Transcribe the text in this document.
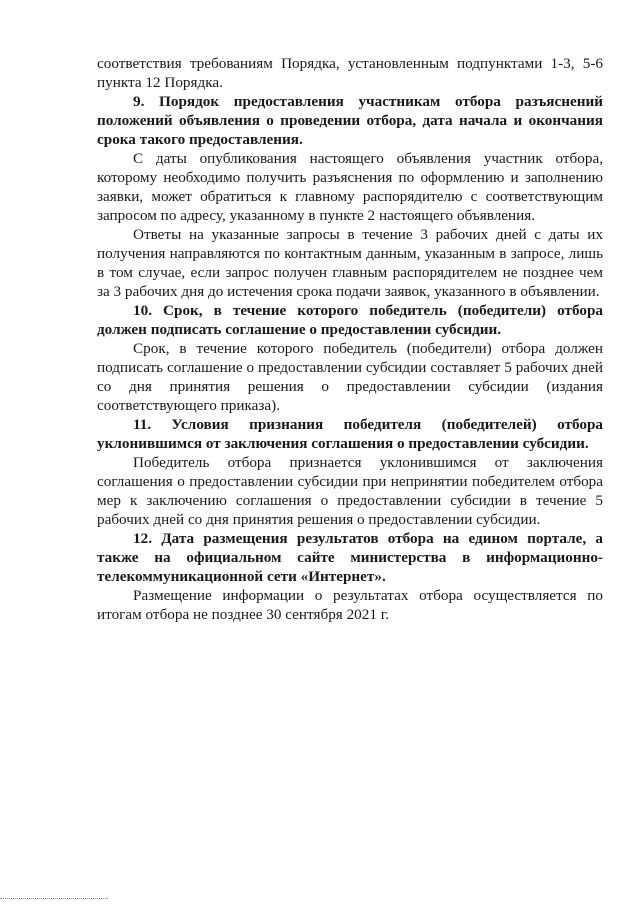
соответствия требованиям Порядка, установленным подпунктами 1-3, 5-6 пункта 12 Порядка.

9. Порядок предоставления участникам отбора разъяснений положений объявления о проведении отбора, дата начала и окончания срока такого предоставления.

С даты опубликования настоящего объявления участник отбора, которому необходимо получить разъяснения по оформлению и заполнению заявки, может обратиться к главному распорядителю с соответствующим запросом по адресу, указанному в пункте 2 настоящего объявления.

Ответы на указанные запросы в течение 3 рабочих дней с даты их получения направляются по контактным данным, указанным в запросе, лишь в том случае, если запрос получен главным распорядителем не позднее чем за 3 рабочих дня до истечения срока подачи заявок, указанного в объявлении.

10. Срок, в течение которого победитель (победители) отбора должен подписать соглашение о предоставлении субсидии.

Срок, в течение которого победитель (победители) отбора должен подписать соглашение о предоставлении субсидии составляет 5 рабочих дней со дня принятия решения о предоставлении субсидии (издания соответствующего приказа).

11. Условия признания победителя (победителей) отбора уклонившимся от заключения соглашения о предоставлении субсидии.

Победитель отбора признается уклонившимся от заключения соглашения о предоставлении субсидии при непринятии победителем отбора мер к заключению соглашения о предоставлении субсидии в течение 5 рабочих дней со дня принятия решения о предоставлении субсидии.

12. Дата размещения результатов отбора на едином портале, а также на официальном сайте министерства в информационно-телекоммуникационной сети «Интернет».

Размещение информации о результатах отбора осуществляется по итогам отбора не позднее 30 сентября 2021 г.
